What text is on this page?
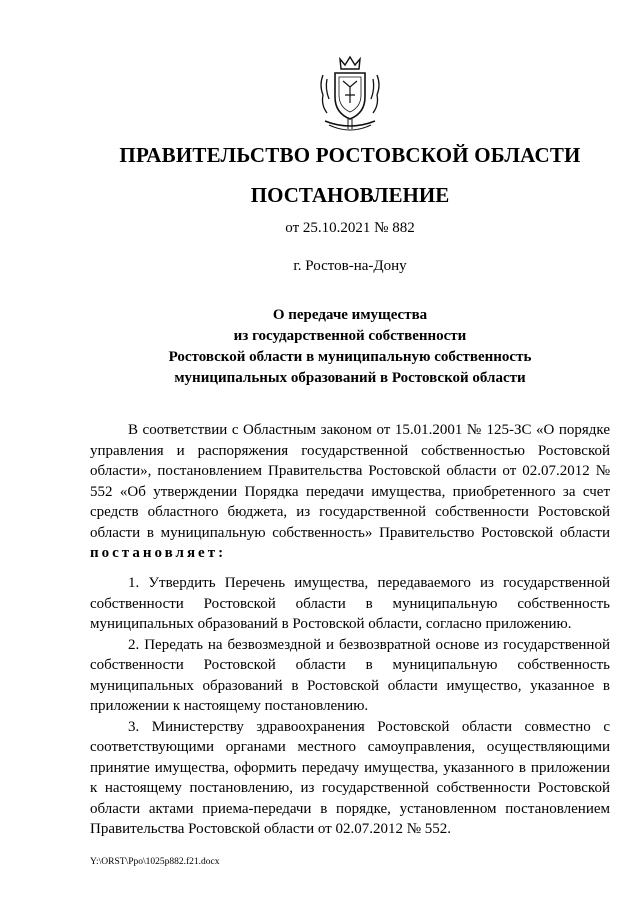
ПРАВИТЕЛЬСТВО РОСТОВСКОЙ ОБЛАСТИ
ПОСТАНОВЛЕНИЕ
от 25.10.2021 № 882
г. Ростов-на-Дону
О передаче имущества
из государственной собственности
Ростовской области в муниципальную собственность
муниципальных образований в Ростовской области

В соответствии с Областным законом от 15.01.2001 № 125-ЗС «О порядке управления и распоряжения государственной собственностью Ростовской области», постановлением Правительства Ростовской области от 02.07.2012 № 552 «Об утверждении Порядка передачи имущества, приобретенного за счет средств областного бюджета, из государственной собственности Ростовской области в муниципальную собственность» Правительство Ростовской области постановляет:

1. Утвердить Перечень имущества, передаваемого из государственной собственности Ростовской области в муниципальную собственность муниципальных образований в Ростовской области, согласно приложению.

2. Передать на безвозмездной и безвозвратной основе из государственной собственности Ростовской области в муниципальную собственность муниципальных образований в Ростовской области имущество, указанное в приложении к настоящему постановлению.

3. Министерству здравоохранения Ростовской области совместно с соответствующими органами местного самоуправления, осуществляющими принятие имущества, оформить передачу имущества, указанного в приложении к настоящему постановлению, из государственной собственности Ростовской области актами приема-передачи в порядке, установленном постановлением Правительства Ростовской области от 02.07.2012 № 552.

Y:\ORST\Ppo\1025p882.f21.docx
